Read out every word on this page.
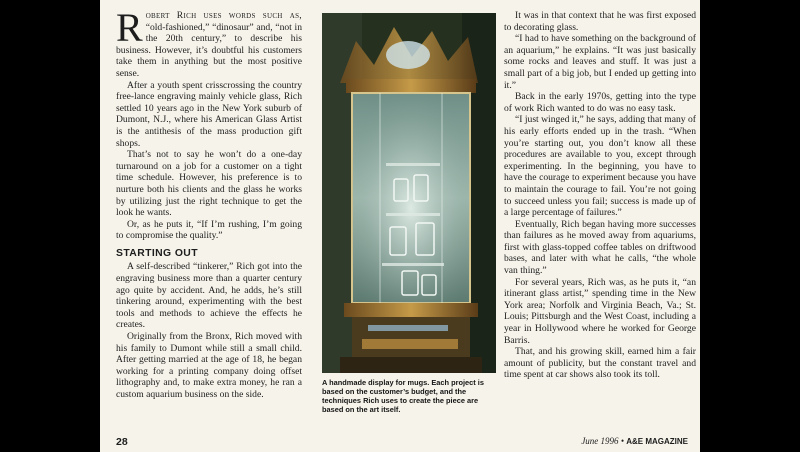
Robert Rich uses words such as, “old-fashioned,” “dinosaur” and, “not in the 20th century,” to describe his business. However, it’s doubtful his customers take them in anything but the most positive sense.

After a youth spent crisscrossing the country free-lance engraving mainly vehicle glass, Rich settled 10 years ago in the New York suburb of Dumont, N.J., where his American Glass Artist is the antithesis of the mass production gift shops.

That’s not to say he won’t do a one-day turnaround on a job for a customer on a tight time schedule. However, his preference is to nurture both his clients and the glass he works by utilizing just the right technique to get the look he wants.

Or, as he puts it, “If I’m rushing, I’m going to compromise the quality.”

STARTING OUT

A self-described “tinkerer,” Rich got into the engraving business more than a quarter century ago quite by accident. And, he adds, he’s still tinkering around, experimenting with the best tools and methods to achieve the effects he creates.

Originally from the Bronx, Rich moved with his family to Dumont while still a small child. After getting married at the age of 18, he began working for a printing company doing offset lithography and, to make extra money, he ran a custom aquarium business on the side.

A handmade display for mugs. Each project is based on the customer’s budget, and the techniques Rich uses to create the piece are based on the art itself.

It was in that context that he was first exposed to decorating glass.

“I had to have something on the background of an aquarium,” he explains. “It was just basically some rocks and leaves and stuff. It was just a small part of a big job, but I ended up getting into it.”

Back in the early 1970s, getting into the type of work Rich wanted to do was no easy task.

“I just winged it,” he says, adding that many of his early efforts ended up in the trash. “When you’re starting out, you don’t know all these procedures are available to you, except through experimenting. In the beginning, you have to have the courage to experiment because you have to maintain the courage to fail. You’re not going to succeed unless you fail; success is made up of a large percentage of failures.”

Eventually, Rich began having more successes than failures as he moved away from aquariums, first with glass-topped coffee tables on driftwood bases, and later with what he calls, “the whole van thing.”

For several years, Rich was, as he puts it, “an itinerant glass artist,” spending time in the New York area; Norfolk and Virginia Beach, Va.; St. Louis; Pittsburgh and the West Coast, including a year in Hollywood where he worked for George Barris.

That, and his growing skill, earned him a fair amount of publicity, but the constant travel and time spent at car shows also took its toll.

28	June 1996 • A&E MAGAZINE
